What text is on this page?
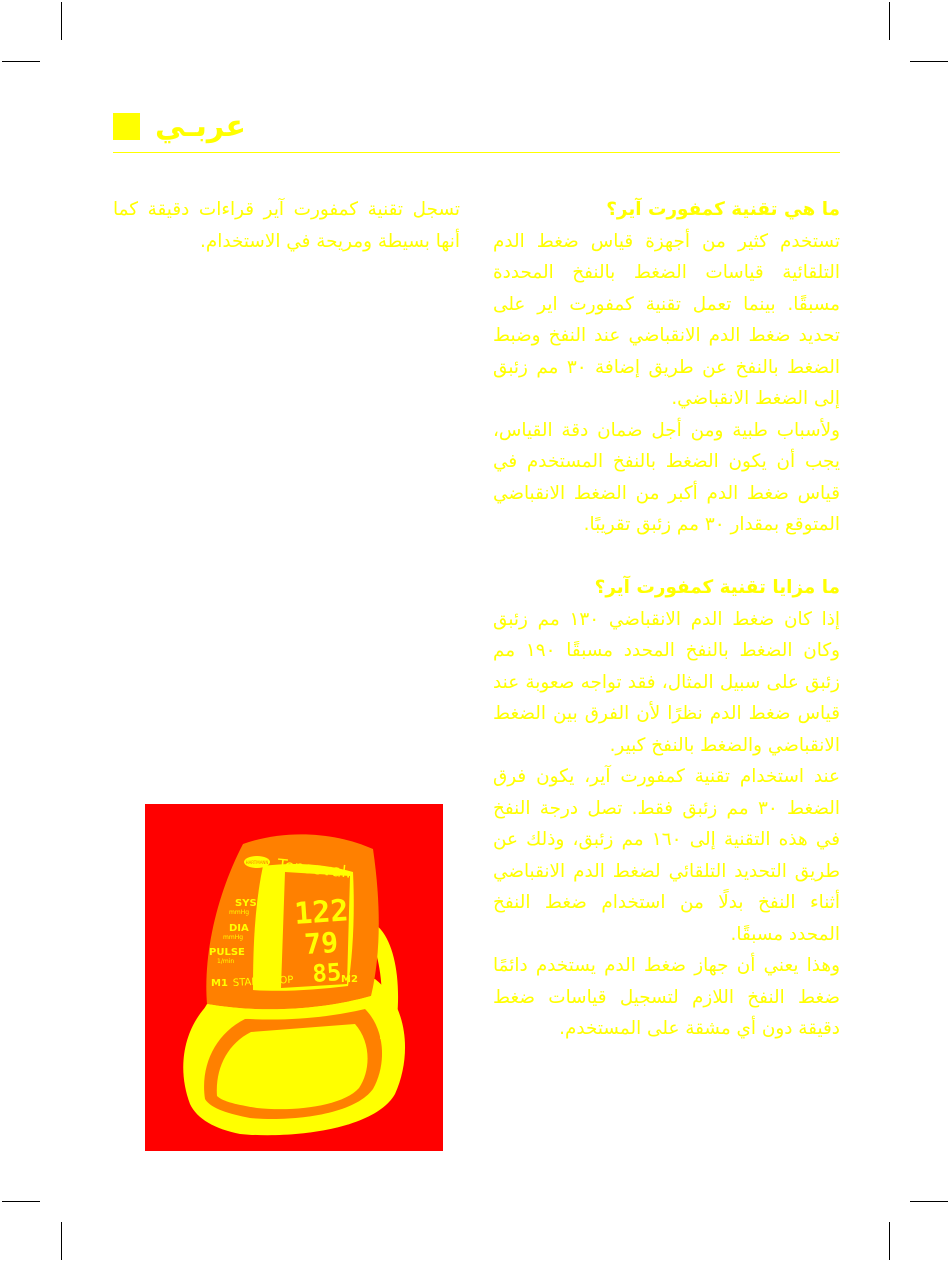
عربـي
ما هي تقنية كمفورت آير؟

تستخدم كثير من أجهزة قياس ضغط الدم التلقائية قياسات الضغط بالنفخ المحددة مسبقًا. بينما تعمل تقنية كمفورت اير على تحديد ضغط الدم الانقباضي عند النفخ وضبط الضغط بالنفخ عن طريق إضافة ٣٠ مم زئبق إلى الضغط الانقباضي.

ولأسباب طبية ومن أجل ضمان دقة القياس، يجب أن يكون الضغط بالنفخ المستخدم في قياس ضغط الدم أكبر من الضغط الانقباضي المتوقع بمقدار ٣٠ مم زئبق تقريبًا.

ما مزايا تقنية كمفورت آير؟

إذا كان ضغط الدم الانقباضي ١٣٠ مم زئبق وكان الضغط بالنفخ المحدد مسبقًا ١٩٠ مم زئبق على سبيل المثال، فقد تواجه صعوبة عند قياس ضغط الدم نظرًا لأن الفرق بين الضغط الانقباضي والضغط بالنفخ كبير.

عند استخدام تقنية كمفورت آير، يكون فرق الضغط ٣٠ مم زئبق فقط. تصل درجة النفخ في هذه التقنية إلى ١٦٠ مم زئبق، وذلك عن طريق التحديد التلقائي لضغط الدم الانقباضي أثناء النفخ بدلًا من استخدام ضغط النفخ المحدد مسبقًا.

وهذا يعني أن جهاز ضغط الدم يستخدم دائمًا ضغط النفخ اللازم لتسجيل قياسات ضغط دقيقة دون أي مشقة على المستخدم.

تسجل تقنية كمفورت آير قراءات دقيقة كما أنها بسيطة ومريحة في الاستخدام.

HARTMANN Tensoval.
SYS
mmHg
DIA
mmHg
PULSE
1/min
122
79
85
M1 START/STOP	M2
